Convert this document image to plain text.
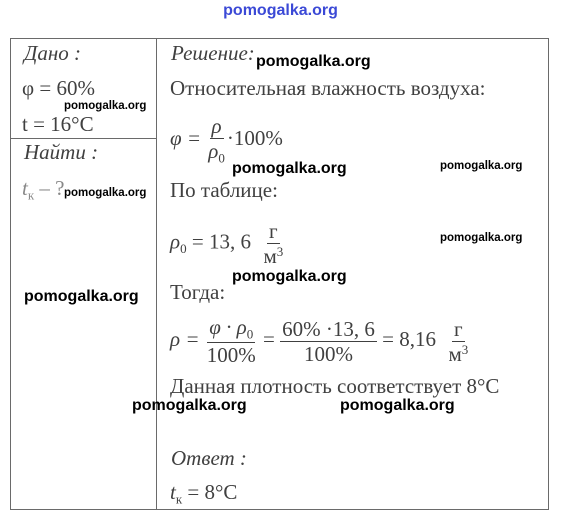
pomogalka.org
Дано :
φ = 60%
t = 16°C
Найти :
$t_к$ – ?
Решение:
Относительная влажность воздуха:
$\varphi = \frac{\rho}{\rho_0} \cdot 100\%$
По таблице:
$\rho_0 = 13$, $6 \frac{г}{м^3}$
Тогда:
$\rho = \frac{\varphi \cdot \rho_0}{100\%} = \frac{60\% \cdot 13, 6}{100\%} = 8,16 \frac{г}{м^3}$
Данная плотность соответствует 8°C
Ответ :
$t_к = 8^\circ C$
pomogalka.org
pomogalka.org
pomogalka.org	pomogalka.org
pomogalka.org
pomogalka.org
pomogalka.org
pomogalka.org
pomogalka.org	pomogalka.org
